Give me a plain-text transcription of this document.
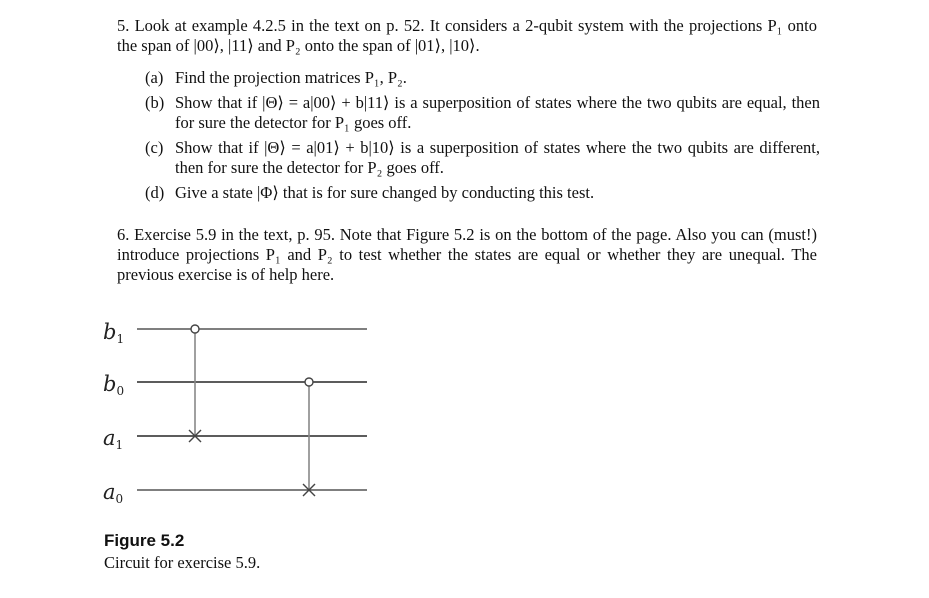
5. Look at example 4.2.5 in the text on p. 52. It considers a 2-qubit system with the projections P₁ onto the span of |00⟩, |11⟩ and P₂ onto the span of |01⟩, |10⟩.

(a) Find the projection matrices P₁, P₂.
(b) Show that if |Θ⟩ = a|00⟩ + b|11⟩ is a superposition of states where the two qubits are equal, then for sure the detector for P₁ goes off.
(c) Show that if |Θ⟩ = a|01⟩ + b|10⟩ is a superposition of states where the two qubits are different, then for sure the detector for P₂ goes off.
(d) Give a state |Φ⟩ that is for sure changed by conducting this test.

6. Exercise 5.9 in the text, p. 95. Note that Figure 5.2 is on the bottom of the page. Also you can (must!) introduce projections P₁ and P₂ to test whether the states are equal or whether they are unequal. The previous exercise is of help here.

b1
b0
a1
a0

Figure 5.2

Circuit for exercise 5.9.
